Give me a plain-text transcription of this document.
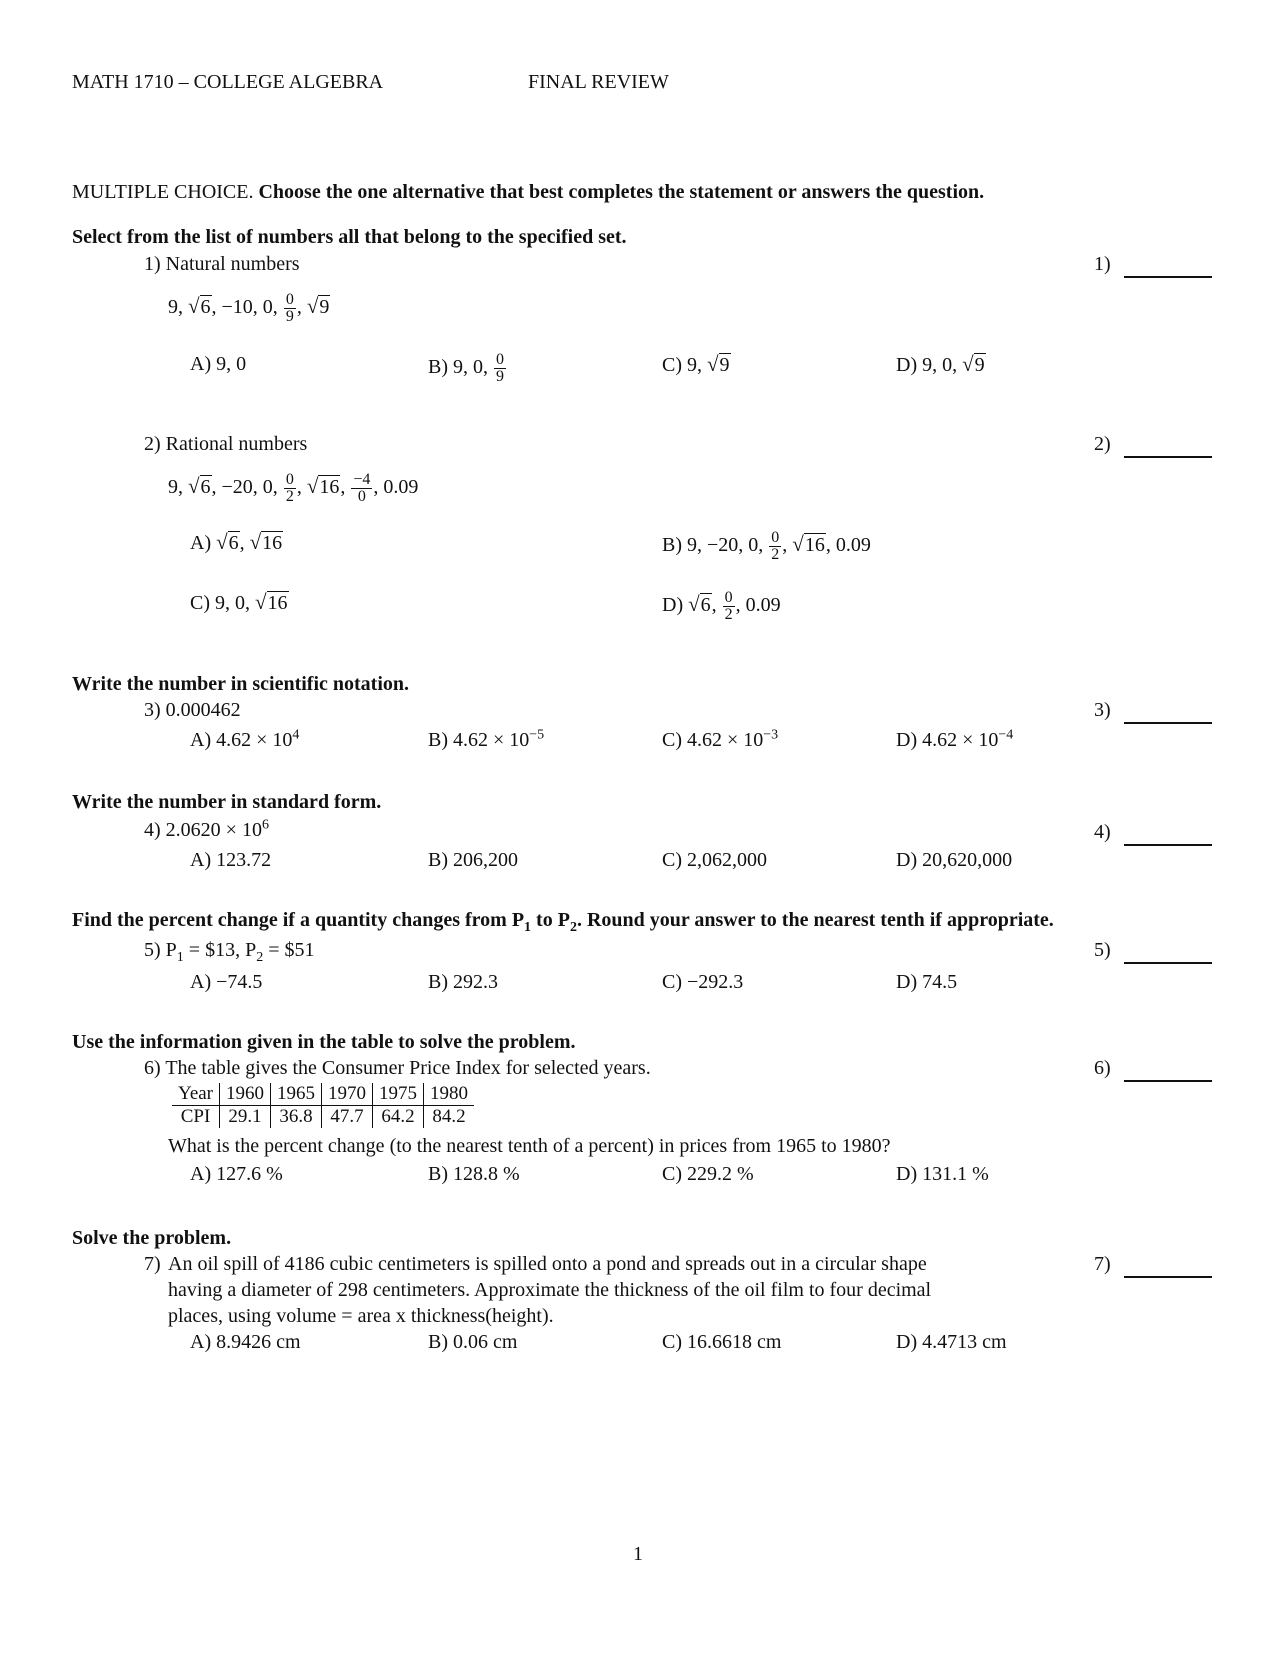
MATH 1710 – COLLEGE ALGEBRA	FINAL REVIEW
MULTIPLE CHOICE. Choose the one alternative that best completes the statement or answers the question.
Select from the list of numbers all that belong to the specified set.
1) Natural numbers
9, √6, −10, 0, $\frac{0}{9}$ , √9
A) 9, 0	B) 9, 0, $\frac{0}{9}$	C) 9, √9	D) 9, 0, √9
2) Rational numbers
9, √6, −20, 0, $\frac{0}{2}$ , √16, $\frac{-4}{0}$ , 0.09
A) √6, √16	B) 9, −20, 0, $\frac{0}{2}$ , √16, 0.09
C) 9, 0, √16	D) √6, $\frac{0}{2}$ , 0.09
Write the number in scientific notation.
3) 0.000462
A) $4.62 \times 10^4$	B) $4.62 \times 10^{-5}$	C) $4.62 \times 10^{-3}$	D) $4.62 \times 10^{-4}$
Write the number in standard form.
4) $2.0620 \times 10^6$
A) 123.72	B) 206,200	C) 2,062,000	D) 20,620,000
Find the percent change if a quantity changes from $P_1$ to $P_2$. Round your answer to the nearest tenth if appropriate.
5) $P_1$ = $13, $P_2$ = $51
A) −74.5	B) 292.3	C) −292.3	D) 74.5
Use the information given in the table to solve the problem.
6) The table gives the Consumer Price Index for selected years.
Year	1960	1965	1970	1975	1980
CPI	29.1	36.8	47.7	64.2	84.2
What is the percent change (to the nearest tenth of a percent) in prices from 1965 to 1980?
A) 127.6 %	B) 128.8 %	C) 229.2 %	D) 131.1 %
Solve the problem.
7) An oil spill of 4186 cubic centimeters is spilled onto a pond and spreads out in a circular shape
having a diameter of 298 centimeters. Approximate the thickness of the oil film to four decimal
places, using volume = area x thickness(height).
A) 8.9426 cm	B) 0.06 cm	C) 16.6618 cm	D) 4.4713 cm
1)
2)
3)
4)
5)
6)
7)
1
